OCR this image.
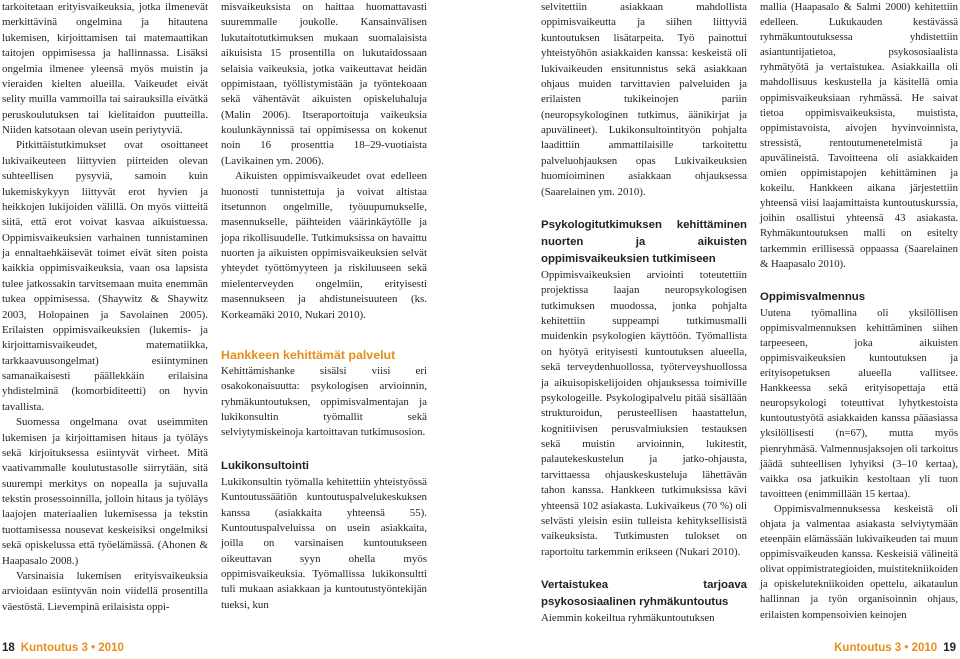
tarkoitetaan erityisvaikeuksia, jotka ilmenevät merkittävinä ongelmina ja hitautena lukemisen, kirjoittamisen tai matemaattikan taitojen oppimisessa ja hallinnassa. Lisäksi ongelmia ilmenee yleensä myös muistin ja vieraiden kielten alueilla. Vaikeudet eivät selity muilla vammoilla tai sairauksilla eivätkä peruskoulutuksen tai kielitaidon puutteilla. Niiden katsotaan olevan usein periytyviä.

Pitkittäistutkimukset ovat osoittaneet lukivaikeuteen liittyvien piirteiden olevan suhteellisen pysyviä, samoin kuin lukemiskykyyn liittyvät erot hyvien ja heikkojen lukijoiden välillä. On myös viitteitä siitä, että erot voivat kasvaa aikuistuessa. Oppimisvaikeuksien varhainen tunnistaminen ja ennaltaehkäisevät toimet eivät siten poista kaikkia oppimisvaikeuksia, vaan osa lapsista tulee jatkossakin tarvitsemaan muita enemmän tukea oppimisessa. (Shaywitz & Shaywitz 2003, Holopainen ja Savolainen 2005). Erilaisten oppimisvaikeuksien (lukemis- ja kirjoittamisvaikeudet, matematiikka, tarkkaavuusongelmat) esiintyminen samanaikaisesti päällekkäin erilaisina yhdistelminä (komorbiditeetti) on hyvin tavallista.

Suomessa ongelmana ovat useimmiten lukemisen ja kirjoittamisen hitaus ja työläys sekä kirjoituksessa esiintyvät virheet. Mitä vaativammalle koulutustasolle siirrytään, sitä suurempi merkitys on nopealla ja sujuvalla tekstin prosessoinnilla, jolloin hitaus ja työläys laajojen materiaalien lukemisessa ja tekstin tuottamisessa nousevat keskeisiksi ongelmiksi sekä opiskelussa että työelämässä. (Ahonen & Haapasalo 2008.)

Varsinaisia lukemisen erityisvaikeuksia arvioidaan esiintyvän noin viidellä prosentilla väestöstä. Lievempinä erilaisista oppi-

misvaikeuksista on haittaa huomattavasti suuremmalle joukolle. Kansainvälisen lukutaitotutkimuksen mukaan suomalaisista aikuisista 15 prosentilla on lukutaidossaan selaisia vaikeuksia, jotka vaikeuttavat heidän oppimistaan, työllistymistään ja työntekoaan sekä vähentävät aikuisten opiskeluhaluja (Malin 2006). Itseraportoituja vaikeuksia koulunkäynnissä tai oppimisessa on kokenut noin 16 prosenttia 18–29-vuotiaista (Lavikainen ym. 2006).

Aikuisten oppimisvaikeudet ovat edelleen huonosti tunnistettuja ja voivat altistaa itsetunnon ongelmille, työuupumukselle, masennukselle, päihteiden väärinkäytölle ja jopa rikollisuudelle. Tutkimuksissa on havaittu nuorten ja aikuisten oppimisvaikeuksien selvät yhteydet työttömyyteen ja riskiluuseen sekä mielenterveyden ongelmiin, erityisesti masennukseen ja ahdistuneisuuteen (ks. Korkeamäki 2010, Nukari 2010).

Hankkeen kehittämät palvelut

Kehittämishanke sisälsi viisi eri osakokonaisuutta: psykologisen arvioinnin, ryhmäkuntoutuksen, oppimisvalmentajan ja lukikonsultin työmallit sekä selviytymiskeinoja kartoittavan tutkimusosion.

Lukikonsultointi

Lukikonsultin työmalla kehitettiin yhteistyössä Kuntoutussäätiön kuntoutuspalvelukeskuksen kanssa (asiakkaita yhteensä 55). Kuntoutuspalveluissa on usein asiakkaita, joilla on varsinaisen kuntoutukseen oikeuttavan syyn ohella myös oppimisvaikeuksia. Työmallissa lukikonsultti tuli mukaan asiakkaan ja kuntoutustyöntekijän tueksi, kun

selvitettiin asiakkaan mahdollista oppimisvaikeutta ja siihen liittyviä kuntoutuksen lisätarpeita. Työ painottui yhteistyöhön asiakkaiden kanssa: keskeistä oli lukivaikeuden ensitunnistus sekä asiakkaan ohjaus muiden tarvittavien palveluiden ja erilaisten tukikeinojen pariin (neuropsykologinen tutkimus, äänikirjat ja apuvälineet). Lukikonsultointityön pohjalta laadittiin ammattilaisille tarkoitettu palveluohjauksen opas Lukivaikeuksien huomioiminen asiakkaan ohjauksessa (Saarelainen ym. 2010).

Psykologitutkimuksen kehittäminen nuorten ja aikuisten oppimisvaikeuksien tutkimiseen

Oppimisvaikeuksien arviointi toteutettiin projektissa laajan neuropsykologisen tutkimuksen muodossa, jonka pohjalta kehitettiin suppeampi tutkimusmalli muidenkin psykologien käyttöön. Työmallista on hyötyä erityisesti kuntoutuksen alueella, sekä terveydenhuollossa, työterveyshuollossa ja aikuisopiskelijoiden ohjauksessa toimiville psykologeille. Psykologipalvelu pitää sisällään strukturoidun, perusteellisen haastattelun, kognitiivisen perusvalmiuksien testauksen sekä muistin arvioinnin, lukitestit, palautekeskustelun ja jatko-ohjausta, tarvittaessa ohjauskeskusteluja lähettävän tahon kanssa. Hankkeen tutkimuksissa kävi yhteensä 102 asiakasta. Lukivaikeus (70 %) oli selvästi yleisin esiin tulleista kehityksellisistä vaikeuksista. Tutkimusten tulokset on raportoitu tarkemmin erikseen (Nukari 2010).

Vertaistukea tarjoava psykososiaalinen ryhmäkuntoutus

Aiemmin kokeiltua ryhmäkuntoutuksen

mallia (Haapasalo & Salmi 2000) kehitettiin edelleen. Lukukauden kestävässä ryhmäkuntoutuksessa yhdistettiin asiantuntijatietoa, psykososiaalista ryhmätyötä ja vertaistukea. Asiakkailla oli mahdollisuus keskustella ja käsitellä omia oppimisvaikeuksiaan ryhmässä. He saivat tietoa oppimisvaikeuksista, muistista, oppimistavoista, aivojen hyvinvoinnista, stressistä, rentoutumenetelmistä ja apuvälineistä. Tavoitteena oli asiakkaiden omien oppimistapojen kehittäminen ja kokeilu. Hankkeen aikana järjestettiin yhteensä viisi laajamittaista kuntoutuskurssia, joihin osallistui yhteensä 43 asiakasta. Ryhmäkuntoutuksen malli on esitelty tarkemmin erillisessä oppaassa (Saarelainen & Haapasalo 2010).

Oppimisvalmennus

Uutena työmallina oli yksilöllisen oppimisvalmennuksen kehittäminen siihen tarpeeseen, joka aikuisten oppimisvaikeuksien kuntoutuksen ja erityisopetuksen alueella vallitsee. Hankkeessa sekä erityisopettaja että neuropsykologi toteuttivat lyhytkestoista kuntoutustyötä asiakkaiden kanssa pääasiassa yksilöllisesti (n=67), mutta myös pienryhmäsä. Valmennusjaksojen oli tarkoitus jäädä suhteellisen lyhyiksi (3–10 kertaa), vaikka osa jatkuikin kestoltaan yli tuon tavoitteen (enimmillään 15 kertaa).

Oppimisvalmennuksessa keskeistä oli ohjata ja valmentaa asiakasta selviytymään eteenpäin elämässään lukivaikeuden tai muun oppimisvaikeuden kanssa. Keskeisiä välineitä olivat oppimistrategioiden, muistitekniikoiden ja opiskelutekniikoiden opettelu, aikataulun hallinnan ja työn organisoinnin ohjaus, erilaisten kompensoivien keinojen

18 Kuntoutus 3 • 2010	Kuntoutus 3 • 2010 19
